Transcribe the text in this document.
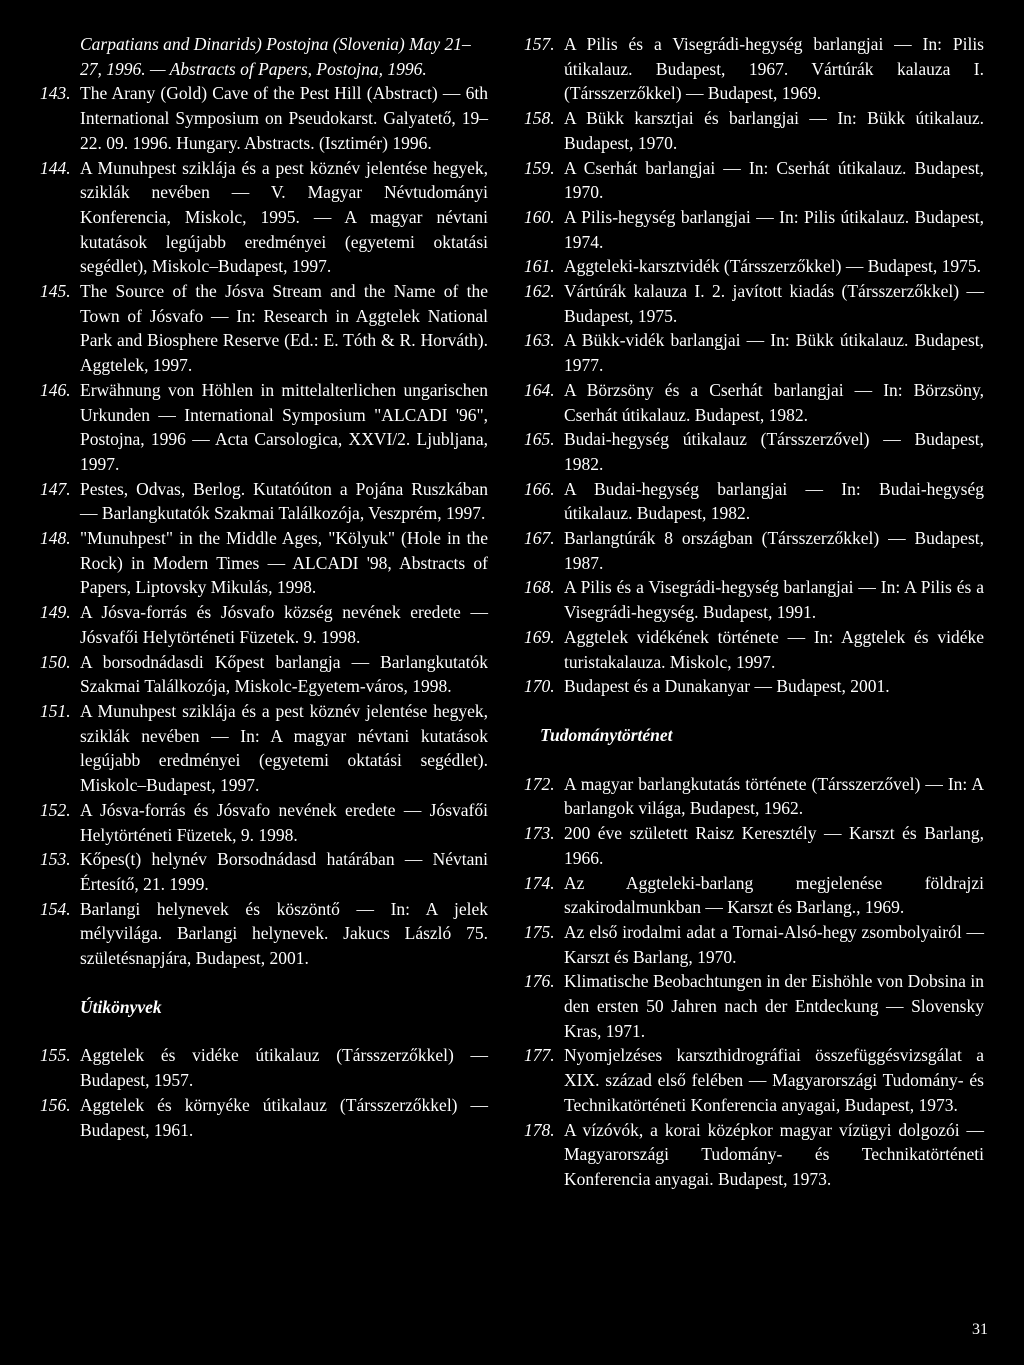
Carpatians and Dinarids) Postojna (Slovenia) May 21–27, 1996. — Abstracts of Papers, Postojna, 1996.
143. The Arany (Gold) Cave of the Pest Hill (Abstract) — 6th International Symposium on Pseudokarst. Galyatető, 19–22. 09. 1996. Hungary. Abstracts. (Isztimér) 1996.
144. A Munuhpest sziklája és a pest köznév jelentése hegyek, sziklák nevében — V. Magyar Névtudományi Konferencia, Miskolc, 1995. — A magyar névtani kutatások legújabb eredményei (egyetemi oktatási segédlet), Miskolc–Budapest, 1997.
145. The Source of the Jósva Stream and the Name of the Town of Jósvafo — In: Research in Aggtelek National Park and Biosphere Reserve (Ed.: E. Tóth & R. Horváth). Aggtelek, 1997.
146. Erwähnung von Höhlen in mittelalterlichen ungarischen Urkunden — International Symposium "ALCADI '96", Postojna, 1996 — Acta Carsologica, XXVI/2. Ljubljana, 1997.
147. Pestes, Odvas, Berlog. Kutatóúton a Pojána Ruszkában — Barlangkutatók Szakmai Találkozója, Veszprém, 1997.
148. "Munuhpest" in the Middle Ages, "Kölyuk" (Hole in the Rock) in Modern Times — ALCADI '98, Abstracts of Papers, Liptovsky Mikulás, 1998.
149. A Jósva-forrás és Jósvafo község nevének eredete — Jósvafői Helytörténeti Füzetek. 9. 1998.
150. A borsodnádasdi Kőpest barlangja — Barlangkutatók Szakmai Találkozója, Miskolc-Egyetem-város, 1998.
151. A Munuhpest sziklája és a pest köznév jelentése hegyek, sziklák nevében — In: A magyar névtani kutatások legújabb eredményei (egyetemi oktatási segédlet). Miskolc–Budapest, 1997.
152. A Jósva-forrás és Jósvafo nevének eredete — Jósvafői Helytörténeti Füzetek, 9. 1998.
153. Kőpes(t) helynév Borsodnádasd határában — Névtani Értesítő, 21. 1999.
154. Barlangi helynevek és köszöntő — In: A jelek mélyvilága. Barlangi helynevek. Jakucs László 75. születésnapjára, Budapest, 2001.
Útikönyvek
155. Aggtelek és vidéke útikalauz (Társszerzőkkel) — Budapest, 1957.
156. Aggtelek és környéke útikalauz (Társszerzőkkel) — Budapest, 1961.
157. A Pilis és a Visegrádi-hegység barlangjai — In: Pilis útikalauz. Budapest, 1967. Vártúrák kalauza I. (Társszerzőkkel) — Budapest, 1969.
158. A Bükk karsztjai és barlangjai — In: Bükk útikalauz. Budapest, 1970.
159. A Cserhát barlangjai — In: Cserhát útikalauz. Budapest, 1970.
160. A Pilis-hegység barlangjai — In: Pilis útikalauz. Budapest, 1974.
161. Aggteleki-karsztvidék (Társszerzőkkel) — Budapest, 1975.
162. Vártúrák kalauza I. 2. javított kiadás (Társszerzőkkel) — Budapest, 1975.
163. A Bükk-vidék barlangjai — In: Bükk útikalauz. Budapest, 1977.
164. A Börzsöny és a Cserhát barlangjai — In: Börzsöny, Cserhát útikalauz. Budapest, 1982.
165. Budai-hegység útikalauz (Társszerzővel) — Budapest, 1982.
166. A Budai-hegység barlangjai — In: Budai-hegység útikalauz. Budapest, 1982.
167. Barlangtúrák 8 országban (Társszerzőkkel) — Budapest, 1987.
168. A Pilis és a Visegrádi-hegység barlangjai — In: A Pilis és a Visegrádi-hegység. Budapest, 1991.
169. Aggtelek vidékének története — In: Aggtelek és vidéke turistakalauza. Miskolc, 1997.
170. Budapest és a Dunakanyar — Budapest, 2001.
Tudománytörténet
172. A magyar barlangkutatás története (Társszerzővel) — In: A barlangok világa, Budapest, 1962.
173. 200 éve született Raisz Keresztély — Karszt és Barlang, 1966.
174. Az Aggteleki-barlang megjelenése földrajzi szakirodalmunkban — Karszt és Barlang., 1969.
175. Az első irodalmi adat a Tornai-Alsó-hegy zsombolyairól — Karszt és Barlang, 1970.
176. Klimatische Beobachtungen in der Eishöhle von Dobsina in den ersten 50 Jahren nach der Entdeckung — Slovensky Kras, 1971.
177. Nyomjelzéses karszthidrográfiai összefüggésvizsgálat a XIX. század első felében — Magyarországi Tudomány- és Technikatörténeti Konferencia anyagai, Budapest, 1973.
178. A vízóvók, a korai középkor magyar vízügyi dolgozói — Magyarországi Tudomány- és Technikatörténeti Konferencia anyagai. Budapest, 1973.
31
